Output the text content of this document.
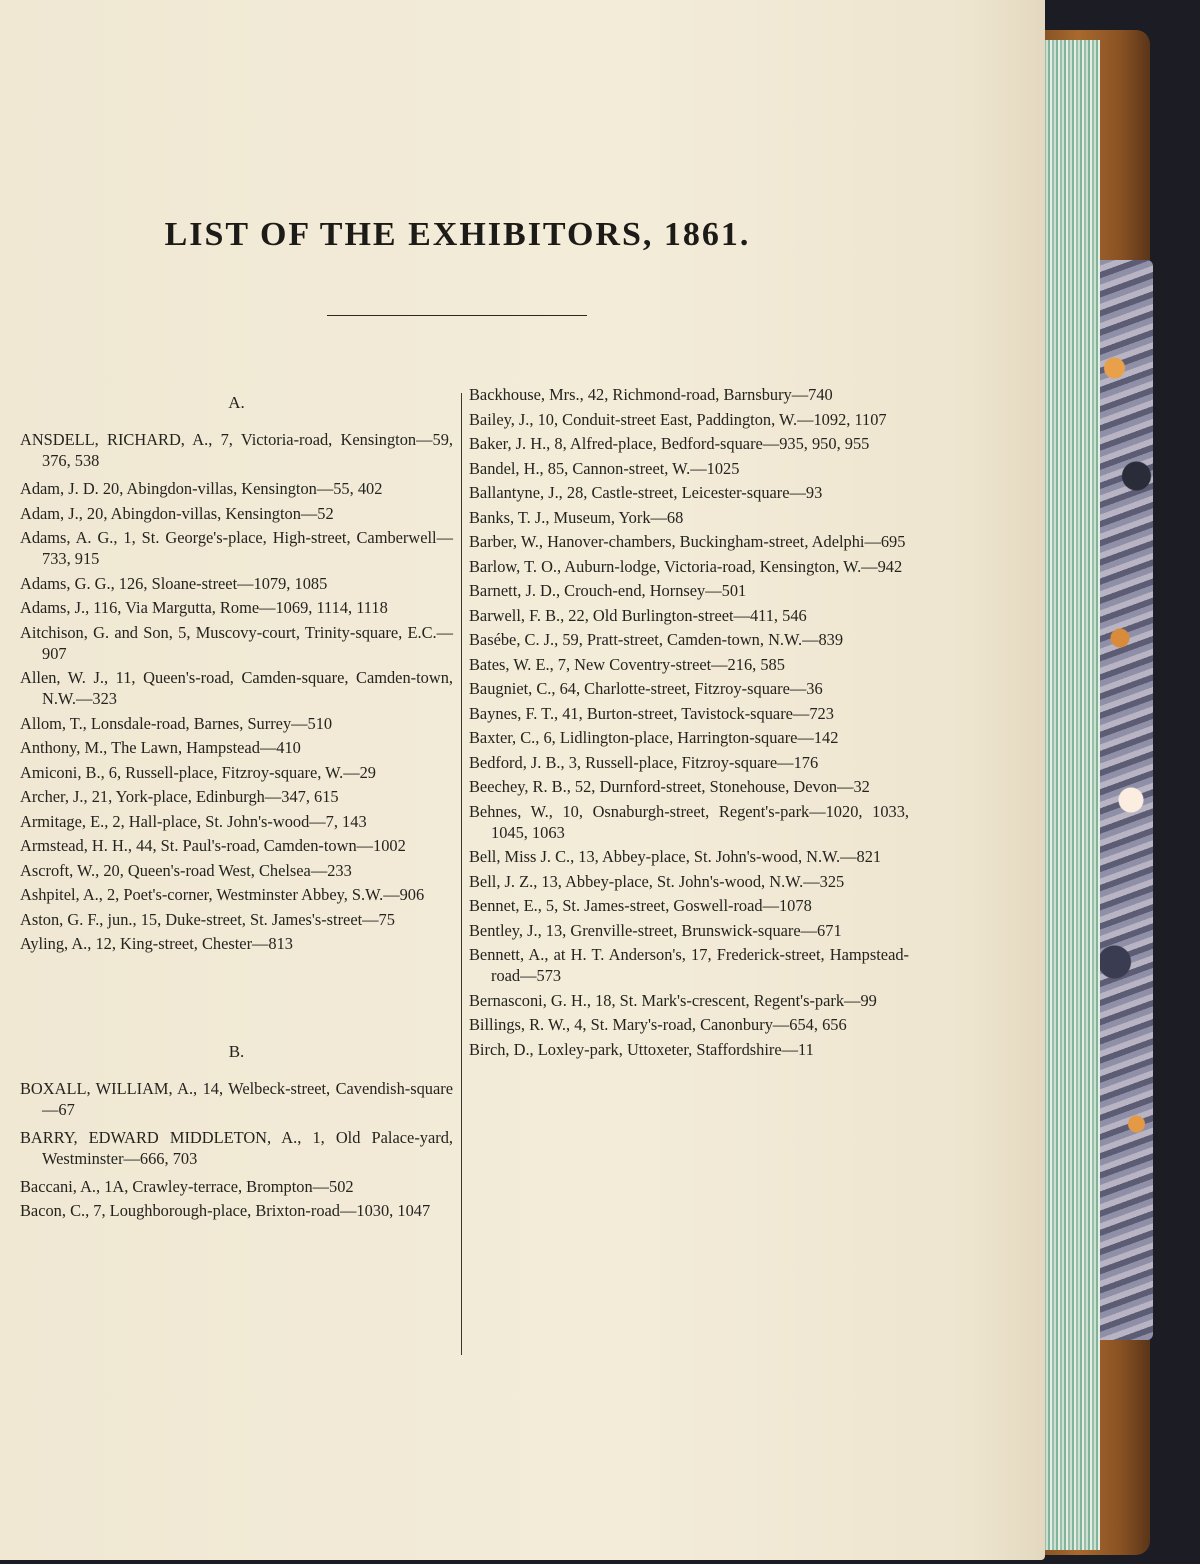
LIST OF THE EXHIBITORS, 1861.
A.
ANSDELL, RICHARD, A., 7, Victoria-road, Kensington—59, 376, 538
Adam, J. D. 20, Abingdon-villas, Kensington—55, 402
Adam, J., 20, Abingdon-villas, Kensington—52
Adams, A. G., 1, St. George's-place, High-street, Camberwell—733, 915
Adams, G. G., 126, Sloane-street—1079, 1085
Adams, J., 116, Via Margutta, Rome—1069, 1114, 1118
Aitchison, G. and Son, 5, Muscovy-court, Trinity-square, E.C.—907
Allen, W. J., 11, Queen's-road, Camden-square, Camden-town, N.W.—323
Allom, T., Lonsdale-road, Barnes, Surrey—510
Anthony, M., The Lawn, Hampstead—410
Amiconi, B., 6, Russell-place, Fitzroy-square, W.—29
Archer, J., 21, York-place, Edinburgh—347, 615
Armitage, E., 2, Hall-place, St. John's-wood—7, 143
Armstead, H. H., 44, St. Paul's-road, Camden-town—1002
Ascroft, W., 20, Queen's-road West, Chelsea—233
Ashpitel, A., 2, Poet's-corner, Westminster Abbey, S.W.—906
Aston, G. F., jun., 15, Duke-street, St. James's-street—75
Ayling, A., 12, King-street, Chester—813
B.
BOXALL, WILLIAM, A., 14, Welbeck-street, Cavendish-square—67
BARRY, EDWARD MIDDLETON, A., 1, Old Palace-yard, Westminster—666, 703
Baccani, A., 1A, Crawley-terrace, Brompton—502
Bacon, C., 7, Loughborough-place, Brixton-road—1030, 1047
Backhouse, Mrs., 42, Richmond-road, Barnsbury—740
Bailey, J., 10, Conduit-street East, Paddington, W.—1092, 1107
Baker, J. H., 8, Alfred-place, Bedford-square—935, 950, 955
Bandel, H., 85, Cannon-street, W.—1025
Ballantyne, J., 28, Castle-street, Leicester-square—93
Banks, T. J., Museum, York—68
Barber, W., Hanover-chambers, Buckingham-street, Adelphi—695
Barlow, T. O., Auburn-lodge, Victoria-road, Kensington, W.—942
Barnett, J. D., Crouch-end, Hornsey—501
Barwell, F. B., 22, Old Burlington-street—411, 546
Basébe, C. J., 59, Pratt-street, Camden-town, N.W.—839
Bates, W. E., 7, New Coventry-street—216, 585
Baugniet, C., 64, Charlotte-street, Fitzroy-square—36
Baynes, F. T., 41, Burton-street, Tavistock-square—723
Baxter, C., 6, Lidlington-place, Harrington-square—142
Bedford, J. B., 3, Russell-place, Fitzroy-square—176
Beechey, R. B., 52, Durnford-street, Stonehouse, Devon—32
Behnes, W., 10, Osnaburgh-street, Regent's-park—1020, 1033, 1045, 1063
Bell, Miss J. C., 13, Abbey-place, St. John's-wood, N.W.—821
Bell, J. Z., 13, Abbey-place, St. John's-wood, N.W.—325
Bennet, E., 5, St. James-street, Goswell-road—1078
Bentley, J., 13, Grenville-street, Brunswick-square—671
Bennett, A., at H. T. Anderson's, 17, Frederick-street, Hampstead-road—573
Bernasconi, G. H., 18, St. Mark's-crescent, Regent's-park—99
Billings, R. W., 4, St. Mary's-road, Canonbury—654, 656
Birch, D., Loxley-park, Uttoxeter, Staffordshire—11
